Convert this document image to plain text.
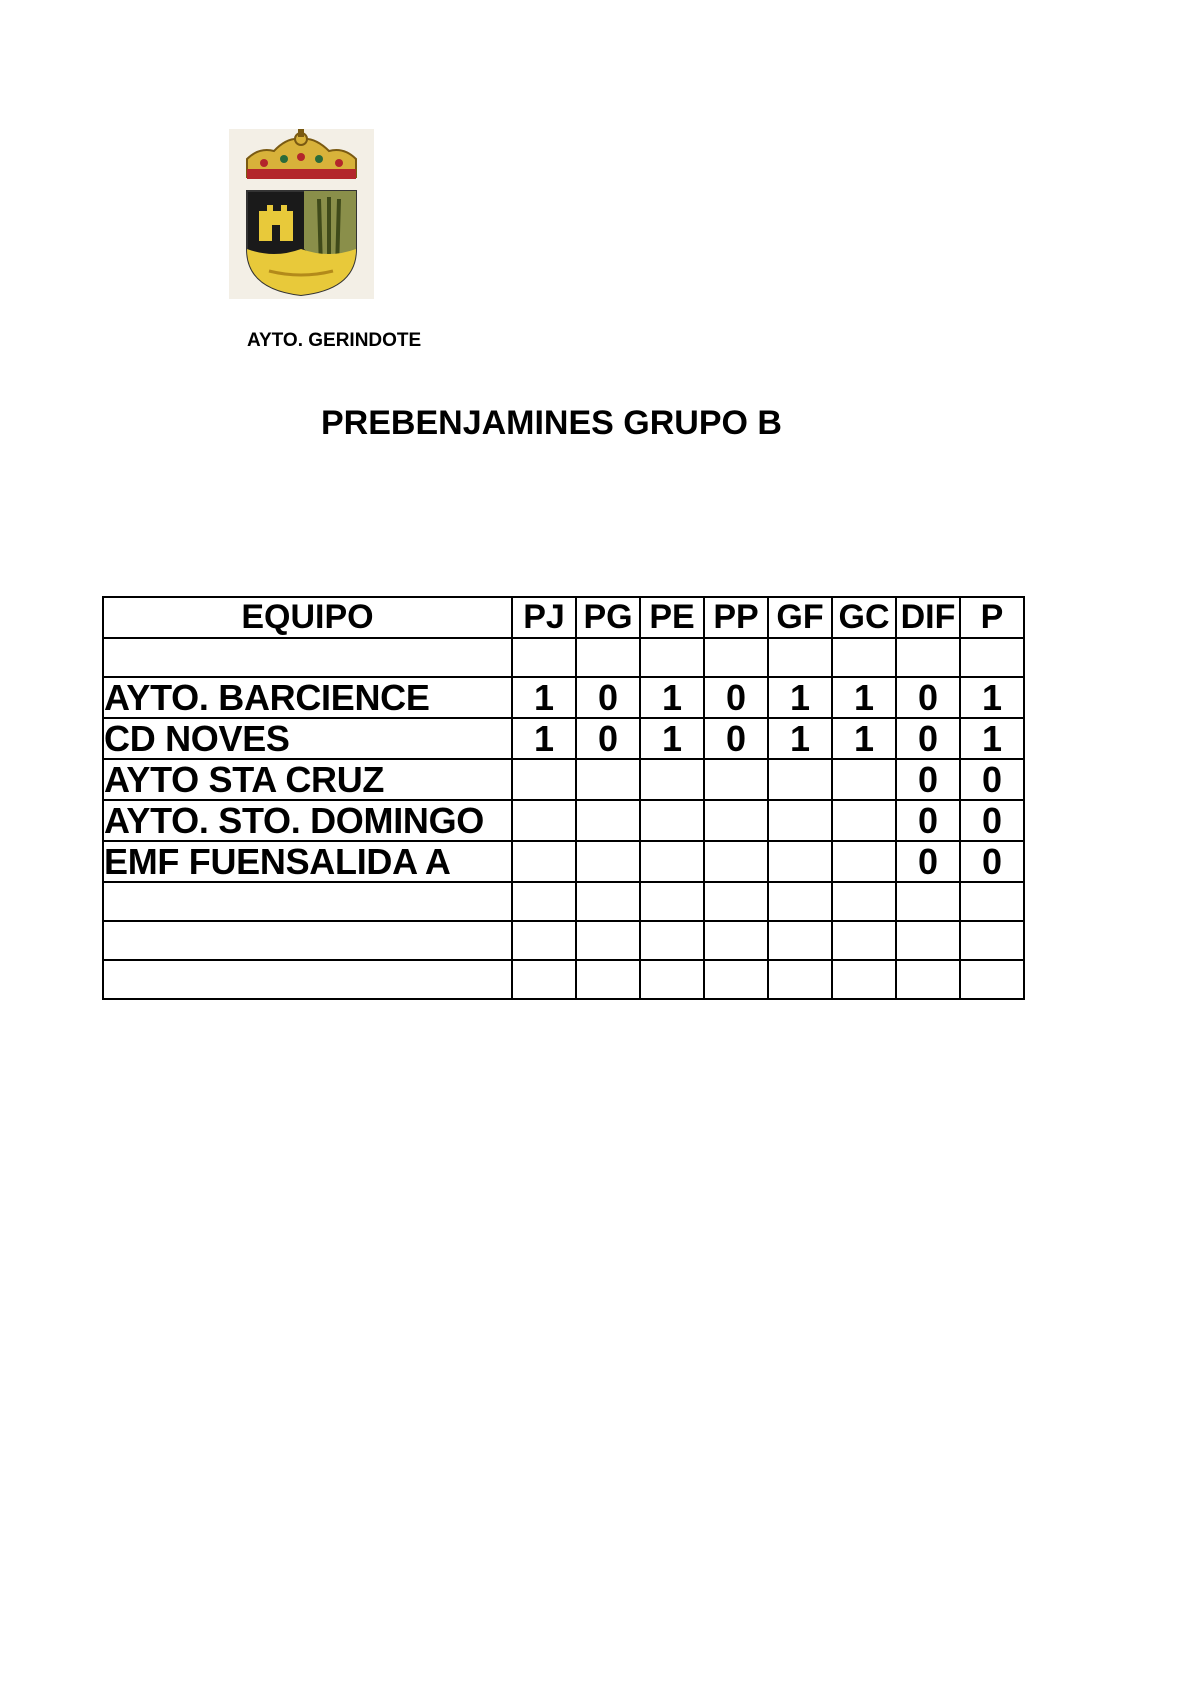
AYTO. GERINDOTE
PREBENJAMINES GRUPO B
EQUIPO	PJ	PG	PE	PP	GF	GC	DIF	P

AYTO. BARCIENCE	1	0	1	0	1	1	0	1
CD NOVES	1	0	1	0	1	1	0	1
AYTO STA CRUZ							0	0
AYTO. STO. DOMINGO							0	0
EMF FUENSALIDA A							0	0
